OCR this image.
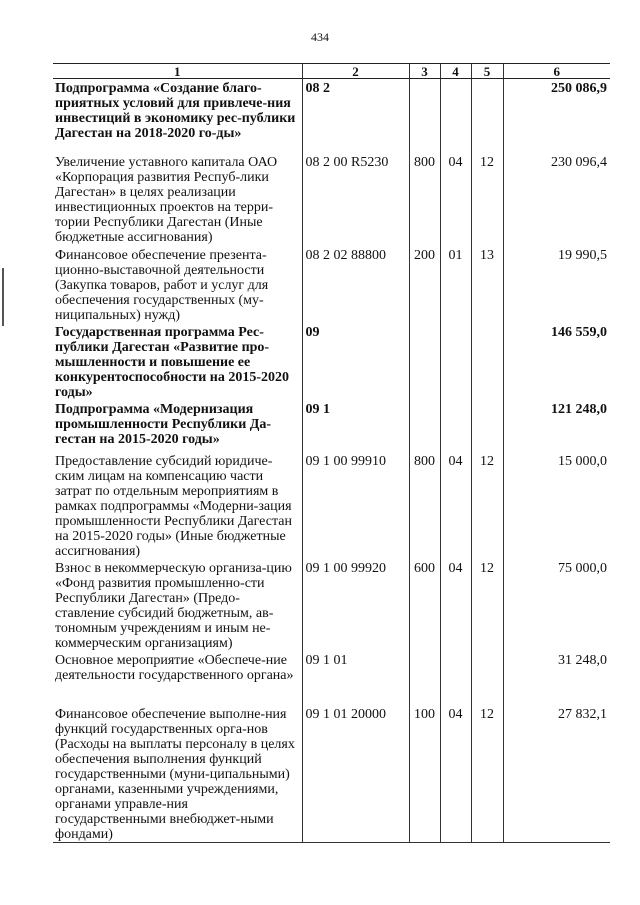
434
1	2	3	4	5	6
Подпрограмма «Создание благо-приятных условий для привлече-ния инвестиций в экономику рес-публики Дагестан на 2018-2020 го-ды»	08 2				250 086,9
Увеличение уставного капитала ОАО «Корпорация развития Респуб-лики Дагестан» в целях реализации инвестиционных проектов на терри-тории Республики Дагестан (Иные бюджетные ассигнования)	08 2 00 R5230	800	04	12	230 096,4
Финансовое обеспечение презента-ционно-выставочной деятельности (Закупка товаров, работ и услуг для обеспечения государственных (му-ниципальных) нужд)	08 2 02 88800	200	01	13	19 990,5
Государственная программа Рес-публики Дагестан «Развитие про-мышленности и повышение ее конкурентоспособности на 2015-2020 годы»	09				146 559,0
Подпрограмма «Модернизация промышленности Республики Да-гестан на 2015-2020 годы»	09 1				121 248,0
Предоставление субсидий юридиче-ским лицам на компенсацию части затрат по отдельным мероприятиям в рамках подпрограммы «Модерни-зация промышленности Республики Дагестан на 2015-2020 годы» (Иные бюджетные ассигнования)	09 1 00 99910	800	04	12	15 000,0
Взнос в некоммерческую организа-цию «Фонд развития промышленно-сти Республики Дагестан» (Предо-ставление субсидий бюджетным, ав-тономным учреждениям и иным не-коммерческим организациям)	09 1 00 99920	600	04	12	75 000,0
Основное мероприятие «Обеспече-ние деятельности государственного органа»	09 1 01				31 248,0
Финансовое обеспечение выполне-ния функций государственных орга-нов (Расходы на выплаты персоналу в целях обеспечения выполнения функций государственными (муни-ципальными) органами, казенными учреждениями, органами управле-ния государственными внебюджет-ными фондами)	09 1 01 20000	100	04	12	27 832,1
